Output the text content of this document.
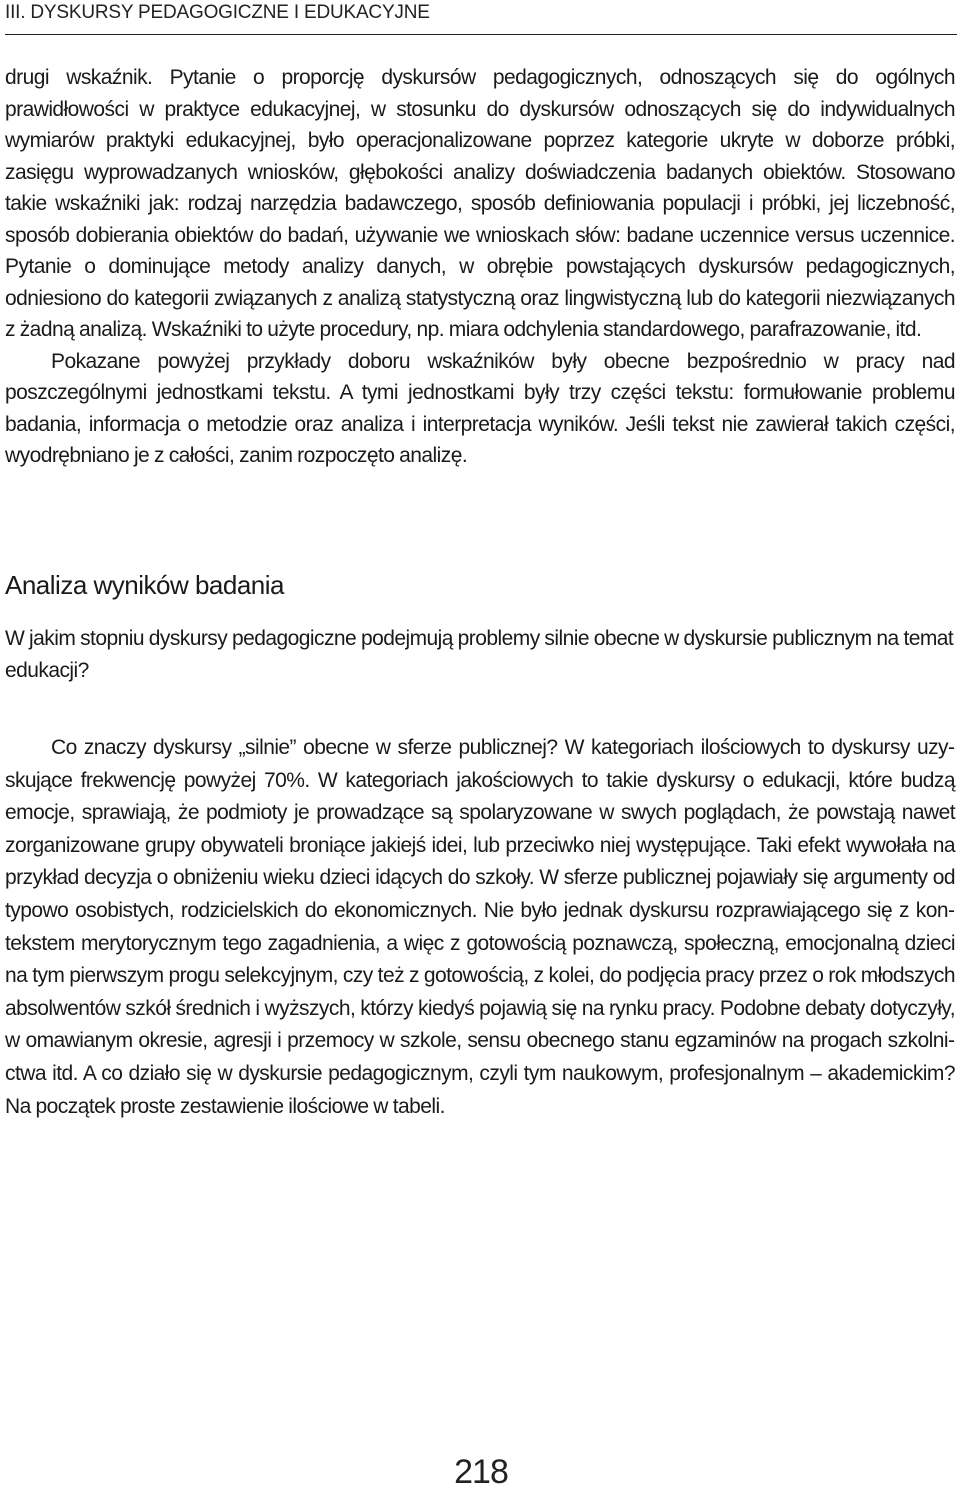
III. DYSKURSY PEDAGOGICZNE I EDUKACYJNE

drugi wskaźnik. Pytanie o proporcję dyskursów pedagogicznych, odnoszących się do ogólnych prawidłowości w praktyce edukacyjnej, w stosunku do dyskursów odnoszących się do indywidualnych wymiarów praktyki edukacyjnej, było operacjonalizowane poprzez kategorie ukryte w doborze próbki, zasięgu wyprowadzanych wniosków, głębokości analizy doświadczenia badanych obiektów. Stosowano takie wskaźniki jak: rodzaj narzędzia badawczego, sposób definiowania populacji i próbki, jej liczebność, sposób dobierania obiektów do badań, używanie we wnioskach słów: badane uczennice versus uczennice. Pytanie o dominujące metody analizy danych, w obrębie powstających dyskursów pedagogicznych, odniesiono do kategorii związanych z analizą statystyczną oraz lingwistyczną lub do kategorii niezwiązanych z żadną analizą. Wskaźniki to użyte procedury, np. miara odchylenia standardowego, parafrazowanie, itd.

Pokazane powyżej przykłady doboru wskaźników były obecne bezpośrednio w pracy nad poszczególnymi jednostkami tekstu. A tymi jednostkami były trzy części tekstu: formułowanie problemu badania, informacja o metodzie oraz analiza i interpretacja wyników. Jeśli tekst nie zawierał takich części, wyodrębniano je z całości, zanim rozpoczęto analizę.

Analiza wyników badania

W jakim stopniu dyskursy pedagogiczne podejmują problemy silnie obecne w dyskursie publicznym na temat edukacji?

Co znaczy dyskursy „silnie” obecne w sferze publicznej? W kategoriach ilościowych to dyskursy uzyskujące frekwencję powyżej 70%. W kategoriach jakościowych to takie dyskursy o edukacji, które budzą emocje, sprawiają, że podmioty je prowadzące są spolaryzowane w swych poglądach, że powstają nawet zorganizowane grupy obywateli broniące jakiejś idei, lub przeciwko niej występujące. Taki efekt wywołała na przykład decyzja o obniżeniu wieku dzieci idących do szkoły. W sferze publicznej pojawiały się argumenty od typowo osobistych, rodzicielskich do ekonomicznych. Nie było jednak dyskursu rozprawiającego się z kontekstem merytorycznym tego zagadnienia, a więc z gotowością poznawczą, społeczną, emocjonalną dzieci na tym pierwszym progu selekcyjnym, czy też z gotowością, z kolei, do podjęcia pracy przez o rok młodszych absolwentów szkół średnich i wyższych, którzy kiedyś pojawią się na rynku pracy. Podobne debaty dotyczyły, w omawianym okresie, agresji i przemocy w szkole, sensu obecnego stanu egzaminów na progach szkolnictwa itd. A co działo się w dyskursie pedagogicznym, czyli tym naukowym, profesjonalnym – akademickim? Na początek proste zestawienie ilościowe w tabeli.

218
